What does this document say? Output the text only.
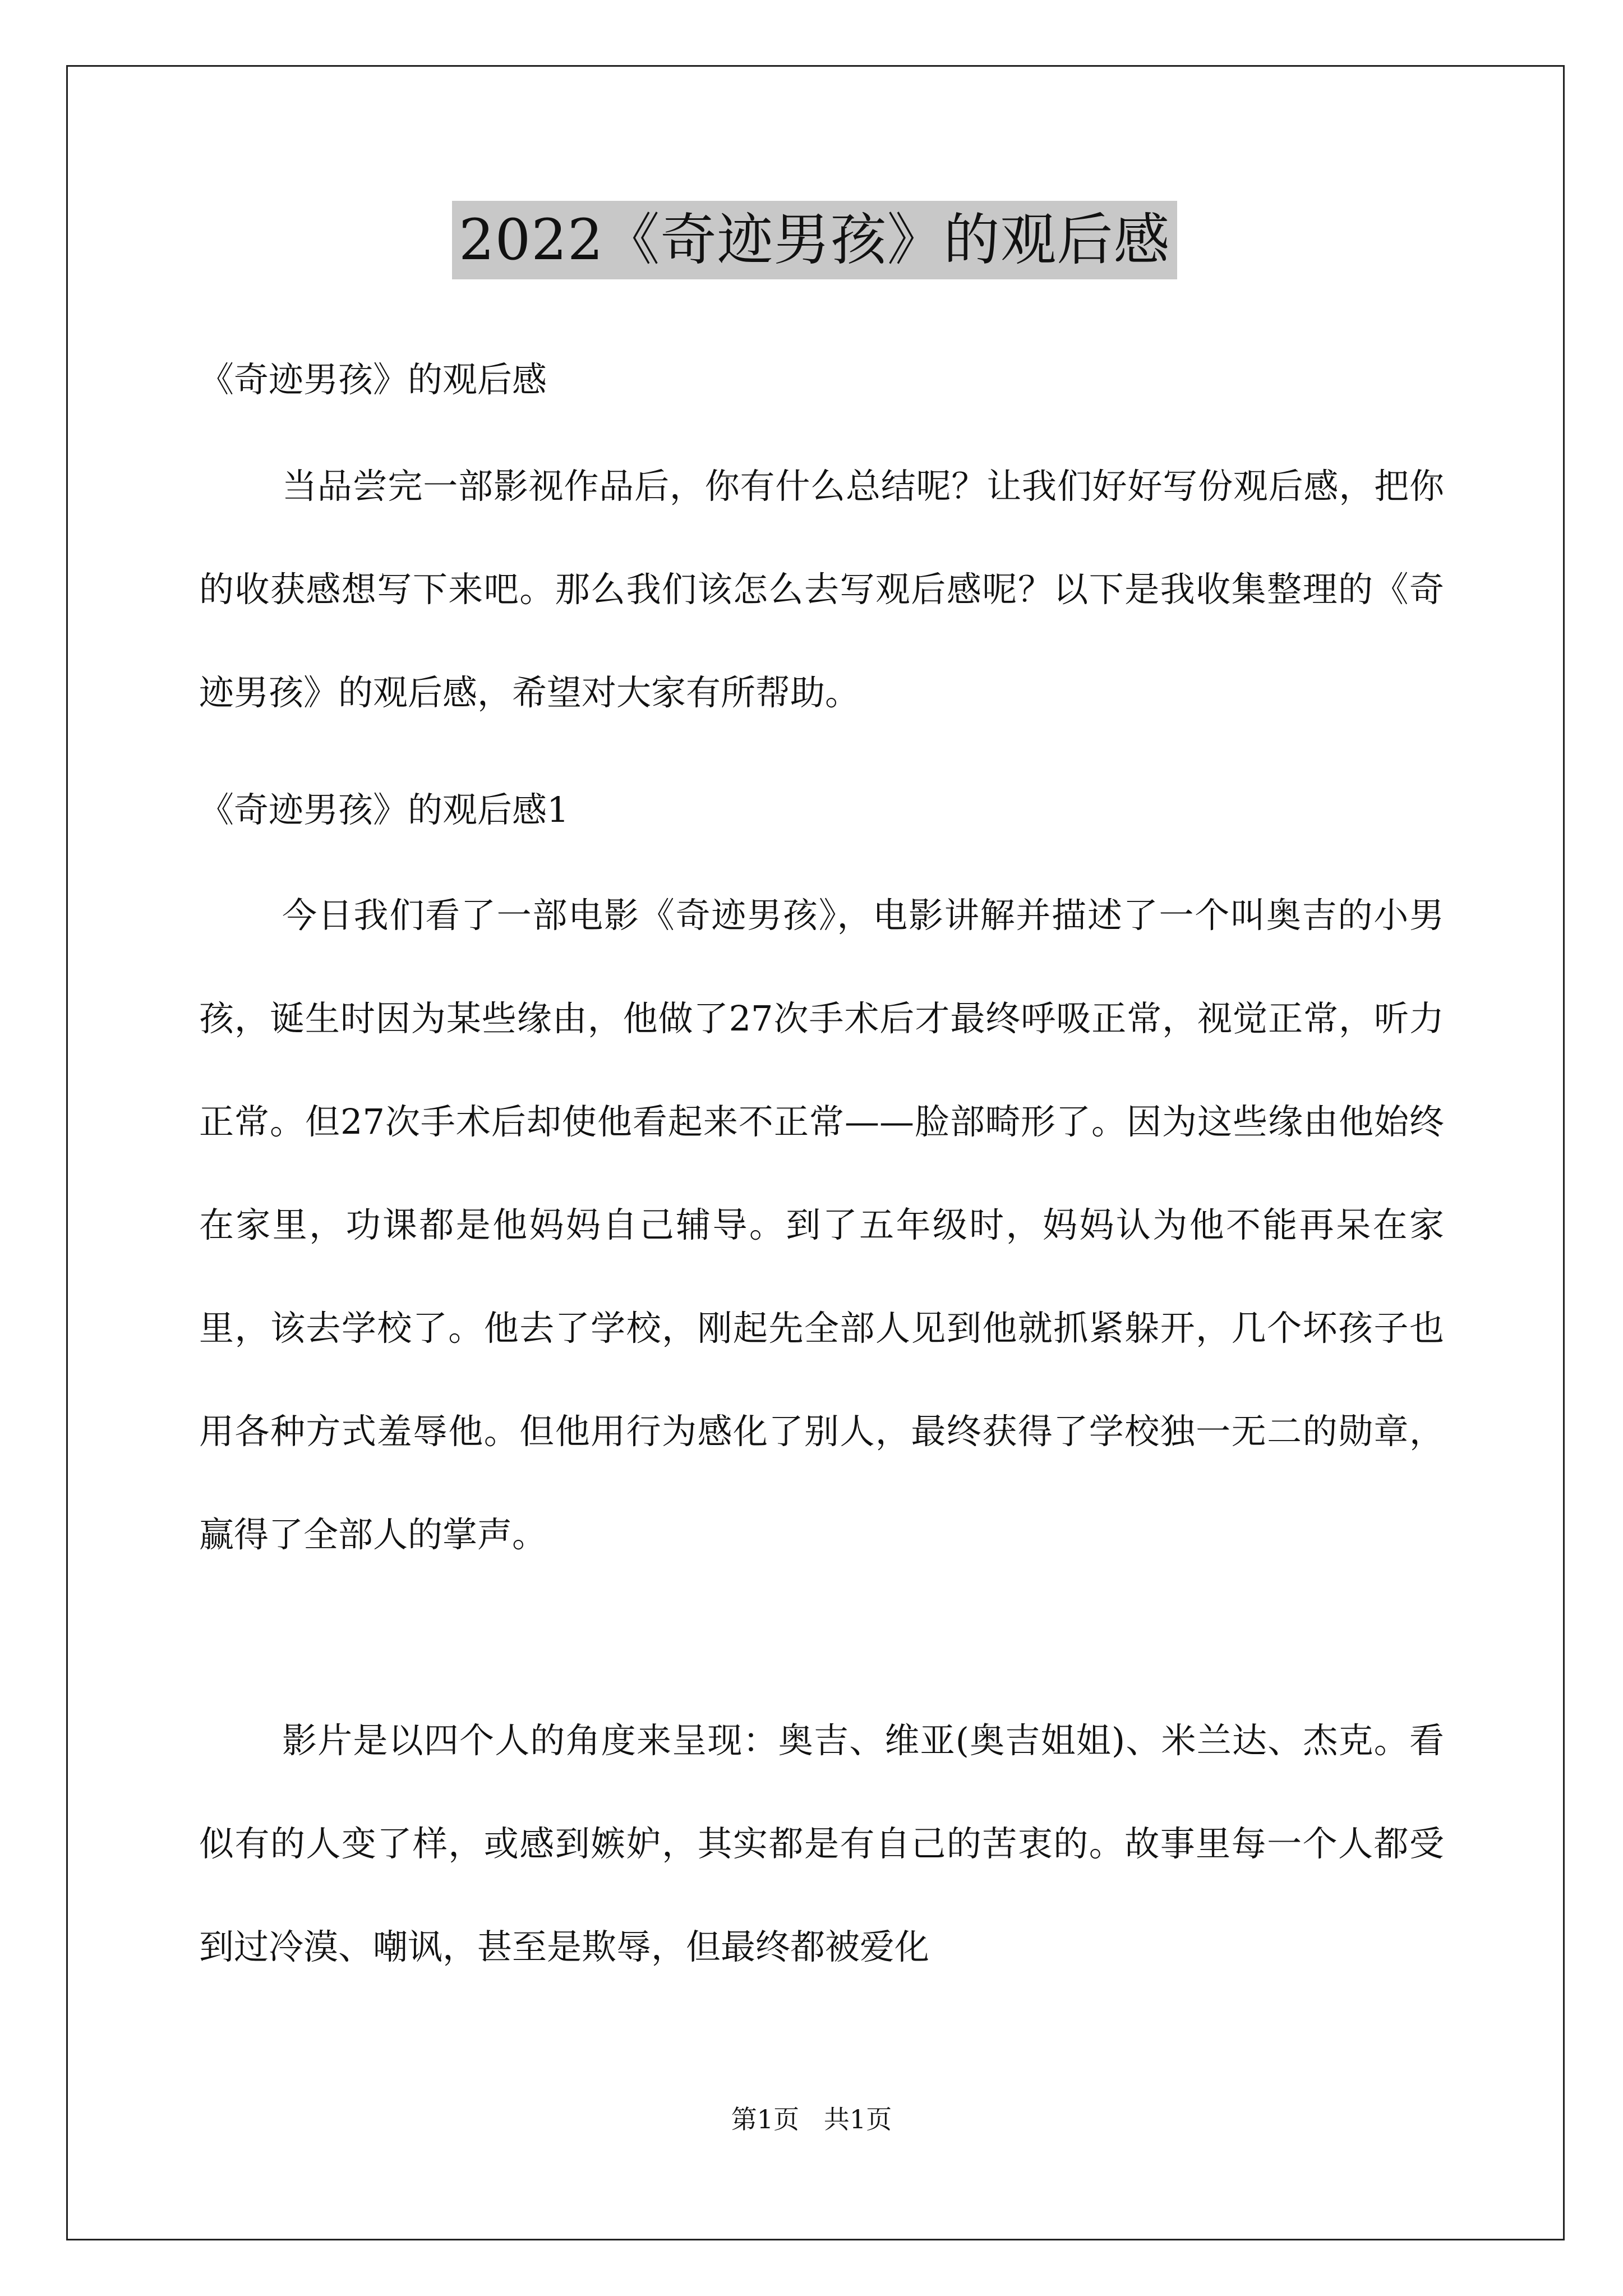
2022《奇迹男孩》的观后感
《奇迹男孩》的观后感

当品尝完一部影视作品后，你有什么总结呢？让我们好好写份观后感，把你的收获感想写下来吧。那么我们该怎么去写观后感呢？以下是我收集整理的《奇迹男孩》的观后感，希望对大家有所帮助。

《奇迹男孩》的观后感1

今日我们看了一部电影《奇迹男孩》，电影讲解并描述了一个叫奥吉的小男孩，诞生时因为某些缘由，他做了27次手术后才最终呼吸正常，视觉正常，听力正常。但27次手术后却使他看起来不正常——脸部畸形了。因为这些缘由他始终在家里，功课都是他妈妈自己辅导。到了五年级时，妈妈认为他不能再呆在家里，该去学校了。他去了学校，刚起先全部人见到他就抓紧躲开，几个坏孩子也用各种方式羞辱他。但他用行为感化了别人，最终获得了学校独一无二的勋章，赢得了全部人的掌声。

影片是以四个人的角度来呈现：奥吉、维亚(奥吉姐姐)、米兰达、杰克。看似有的人变了样，或感到嫉妒，其实都是有自己的苦衷的。故事里每一个人都受到过冷漠、嘲讽，甚至是欺辱，但最终都被爱化

第1页   共1页
